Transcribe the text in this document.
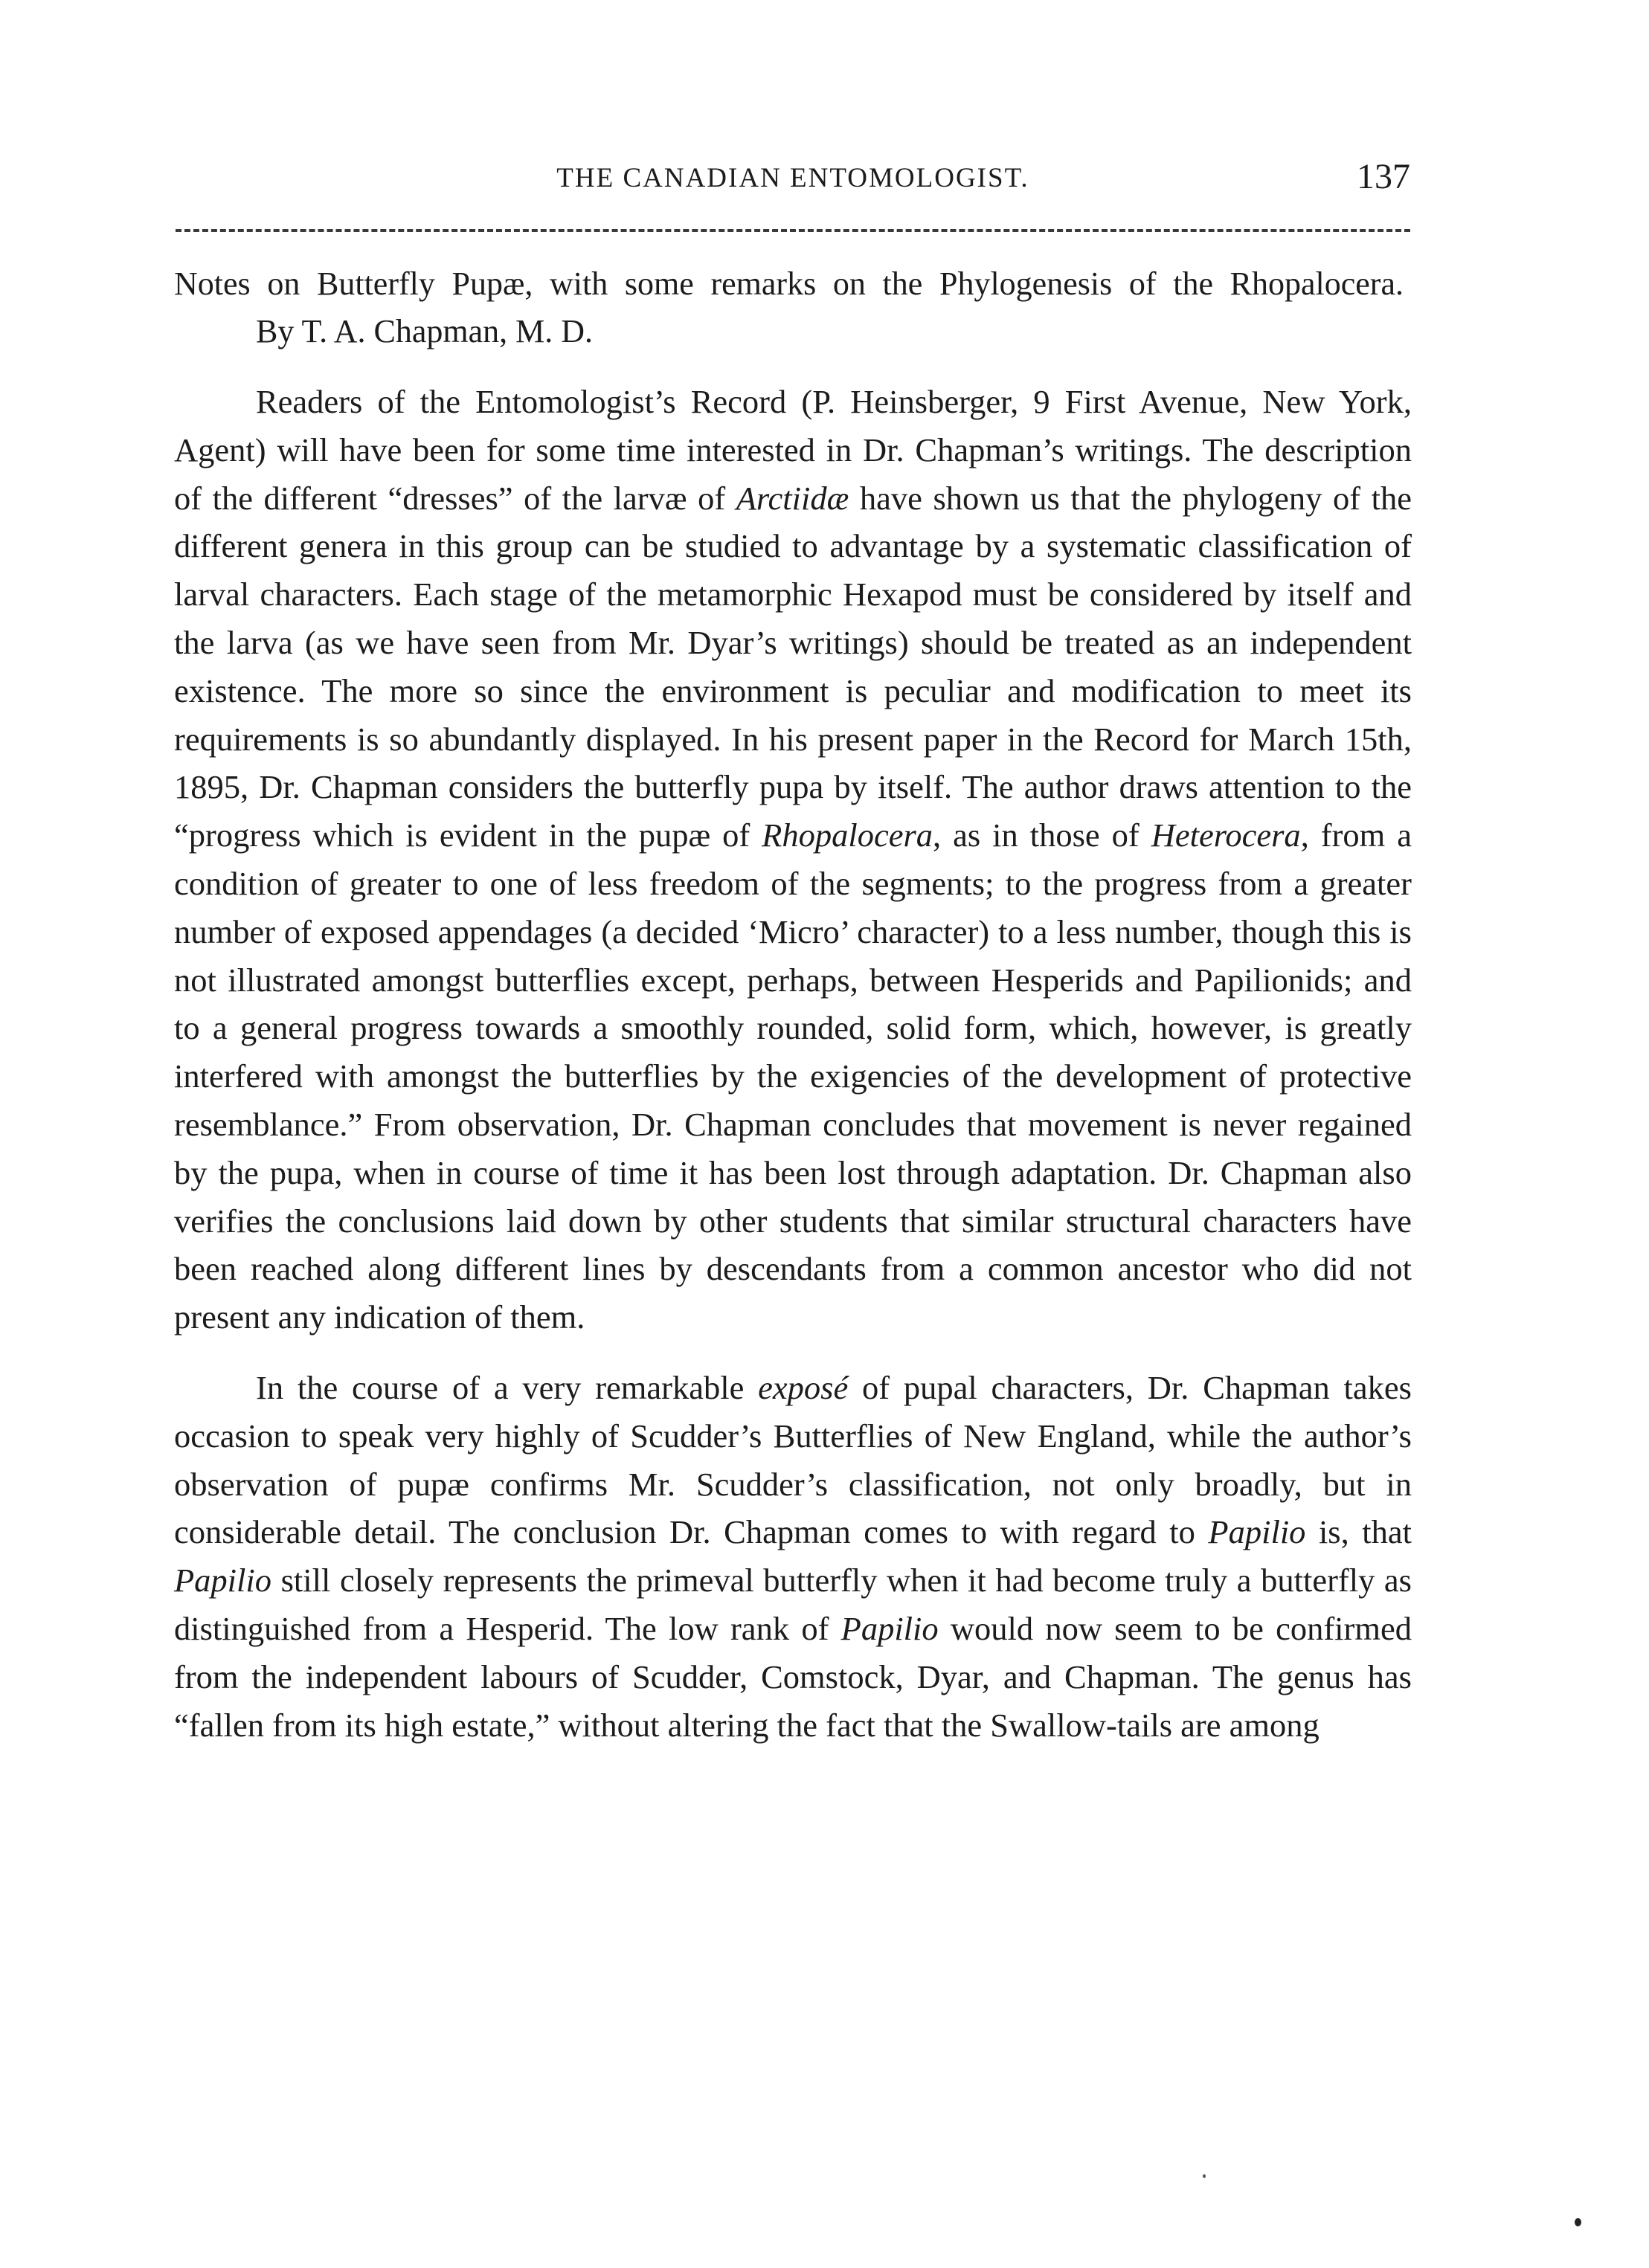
THE CANADIAN ENTOMOLOGIST.	137

Notes on Butterfly Pupæ, with some remarks on the Phylogenesis of the Rhopalocera.  By T. A. Chapman, M. D.

Readers of the Entomologist’s Record (P. Heinsberger, 9 First Avenue, New York, Agent) will have been for some time interested in Dr. Chapman’s writings. The description of the different “dresses” of the larvæ of Arctiidæ have shown us that the phylogeny of the different genera in this group can be studied to advantage by a systematic classification of larval characters. Each stage of the metamorphic Hexapod must be considered by itself and the larva (as we have seen from Mr. Dyar’s writings) should be treated as an independent existence. The more so since the environment is peculiar and modification to meet its requirements is so abundantly displayed. In his present paper in the Record for March 15th, 1895, Dr. Chapman considers the butterfly pupa by itself. The author draws attention to the “progress which is evident in the pupæ of Rhopalocera, as in those of Heterocera, from a condition of greater to one of less freedom of the segments; to the progress from a greater number of exposed appendages (a decided ‘Micro’ character) to a less number, though this is not illustrated amongst butterflies except, perhaps, between Hesperids and Papilionids; and to a general progress towards a smoothly rounded, solid form, which, however, is greatly interfered with amongst the butterflies by the exigencies of the development of protective resemblance.” From observation, Dr. Chapman concludes that movement is never regained by the pupa, when in course of time it has been lost through adaptation. Dr. Chapman also verifies the conclusions laid down by other students that similar structural characters have been reached along different lines by descendants from a common ancestor who did not present any indication of them.

In the course of a very remarkable exposé of pupal characters, Dr. Chapman takes occasion to speak very highly of Scudder’s Butterflies of New England, while the author’s observation of pupæ confirms Mr. Scudder’s classification, not only broadly, but in considerable detail. The conclusion Dr. Chapman comes to with regard to Papilio is, that Papilio still closely represents the primeval butterfly when it had become truly a butterfly as distinguished from a Hesperid. The low rank of Papilio would now seem to be confirmed from the independent labours of Scudder, Comstock, Dyar, and Chapman. The genus has “fallen from its high estate,” without altering the fact that the Swallow-tails are among
